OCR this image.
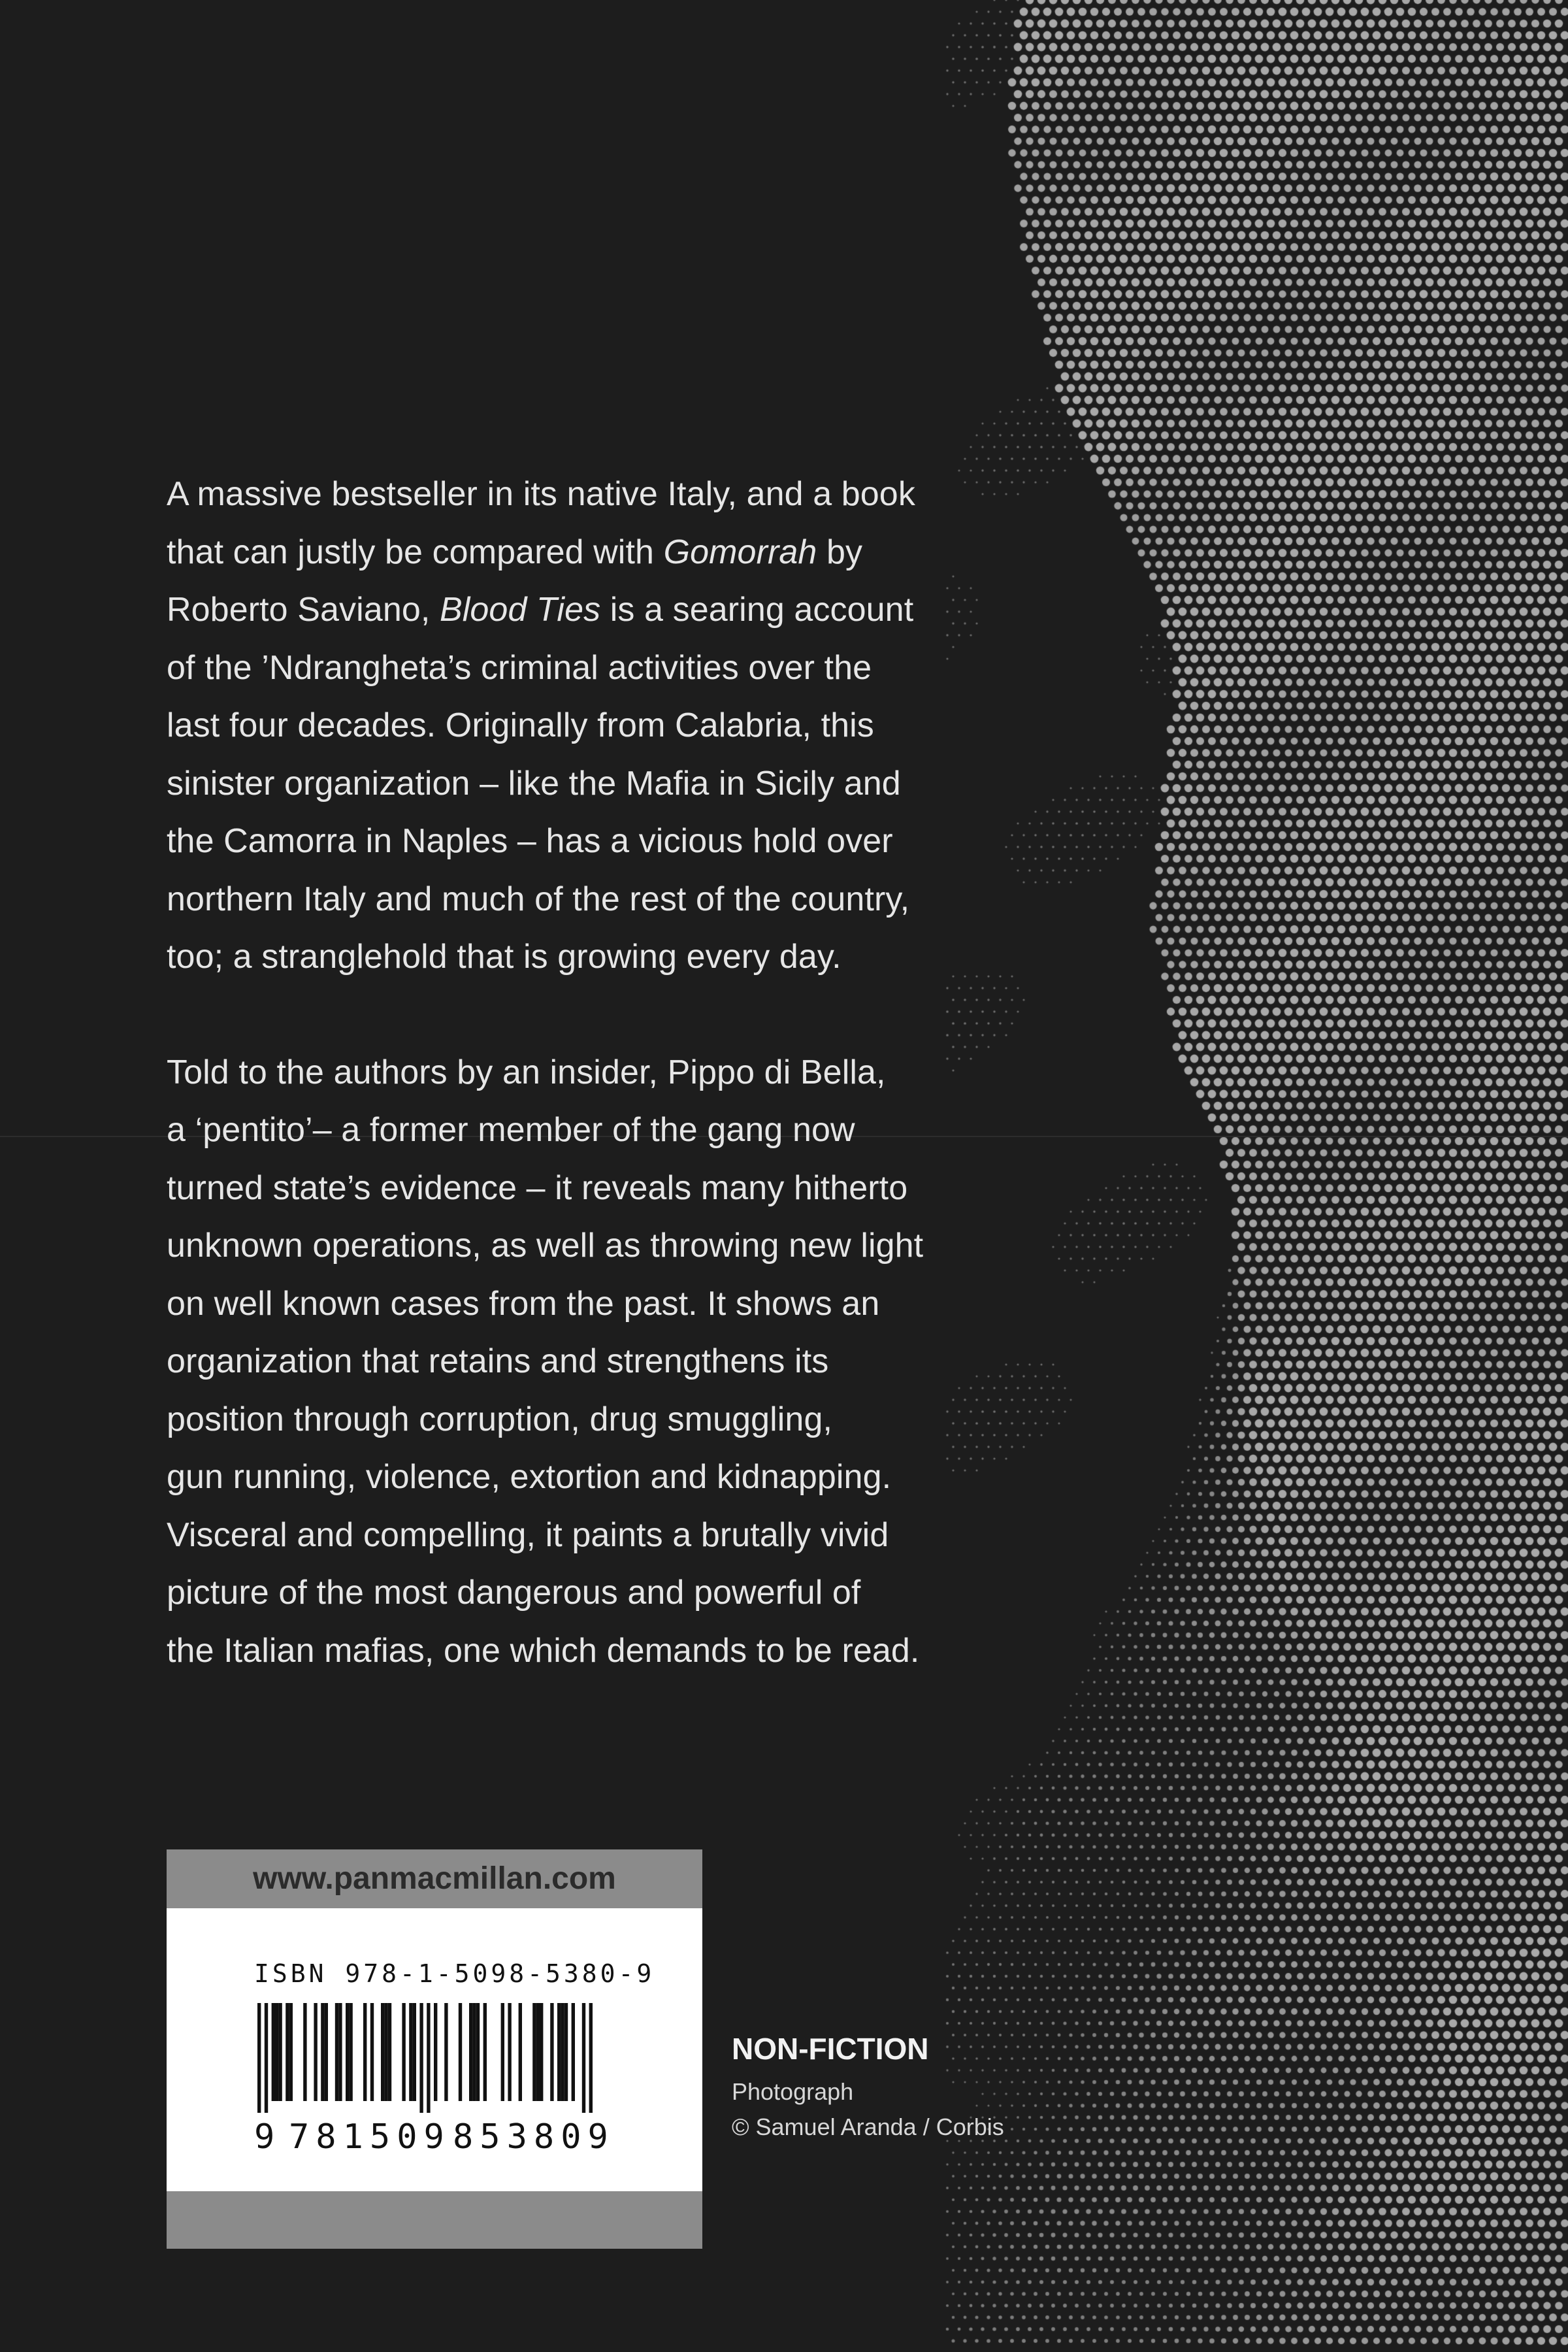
A massive bestseller in its native Italy, and a book
that can justly be compared with Gomorrah by
Roberto Saviano, Blood Ties is a searing account
of the ’Ndrangheta’s criminal activities over the
last four decades. Originally from Calabria, this
sinister organization – like the Mafia in Sicily and
the Camorra in Naples – has a vicious hold over
northern Italy and much of the rest of the country,
too; a stranglehold that is growing every day.

Told to the authors by an insider, Pippo di Bella,
a ‘pentito’– a former member of the gang now
turned state’s evidence – it reveals many hitherto
unknown operations, as well as throwing new light
on well known cases from the past. It shows an
organization that retains and strengthens its
position through corruption, drug smuggling,
gun running, violence, extortion and kidnapping.
Visceral and compelling, it paints a brutally vivid
picture of the most dangerous and powerful of
the Italian mafias, one which demands to be read.

www.panmacmillan.com
ISBN 978-1-5098-5380-9
9 781509 853809
NON-FICTION
Photograph
© Samuel Aranda / Corbis
